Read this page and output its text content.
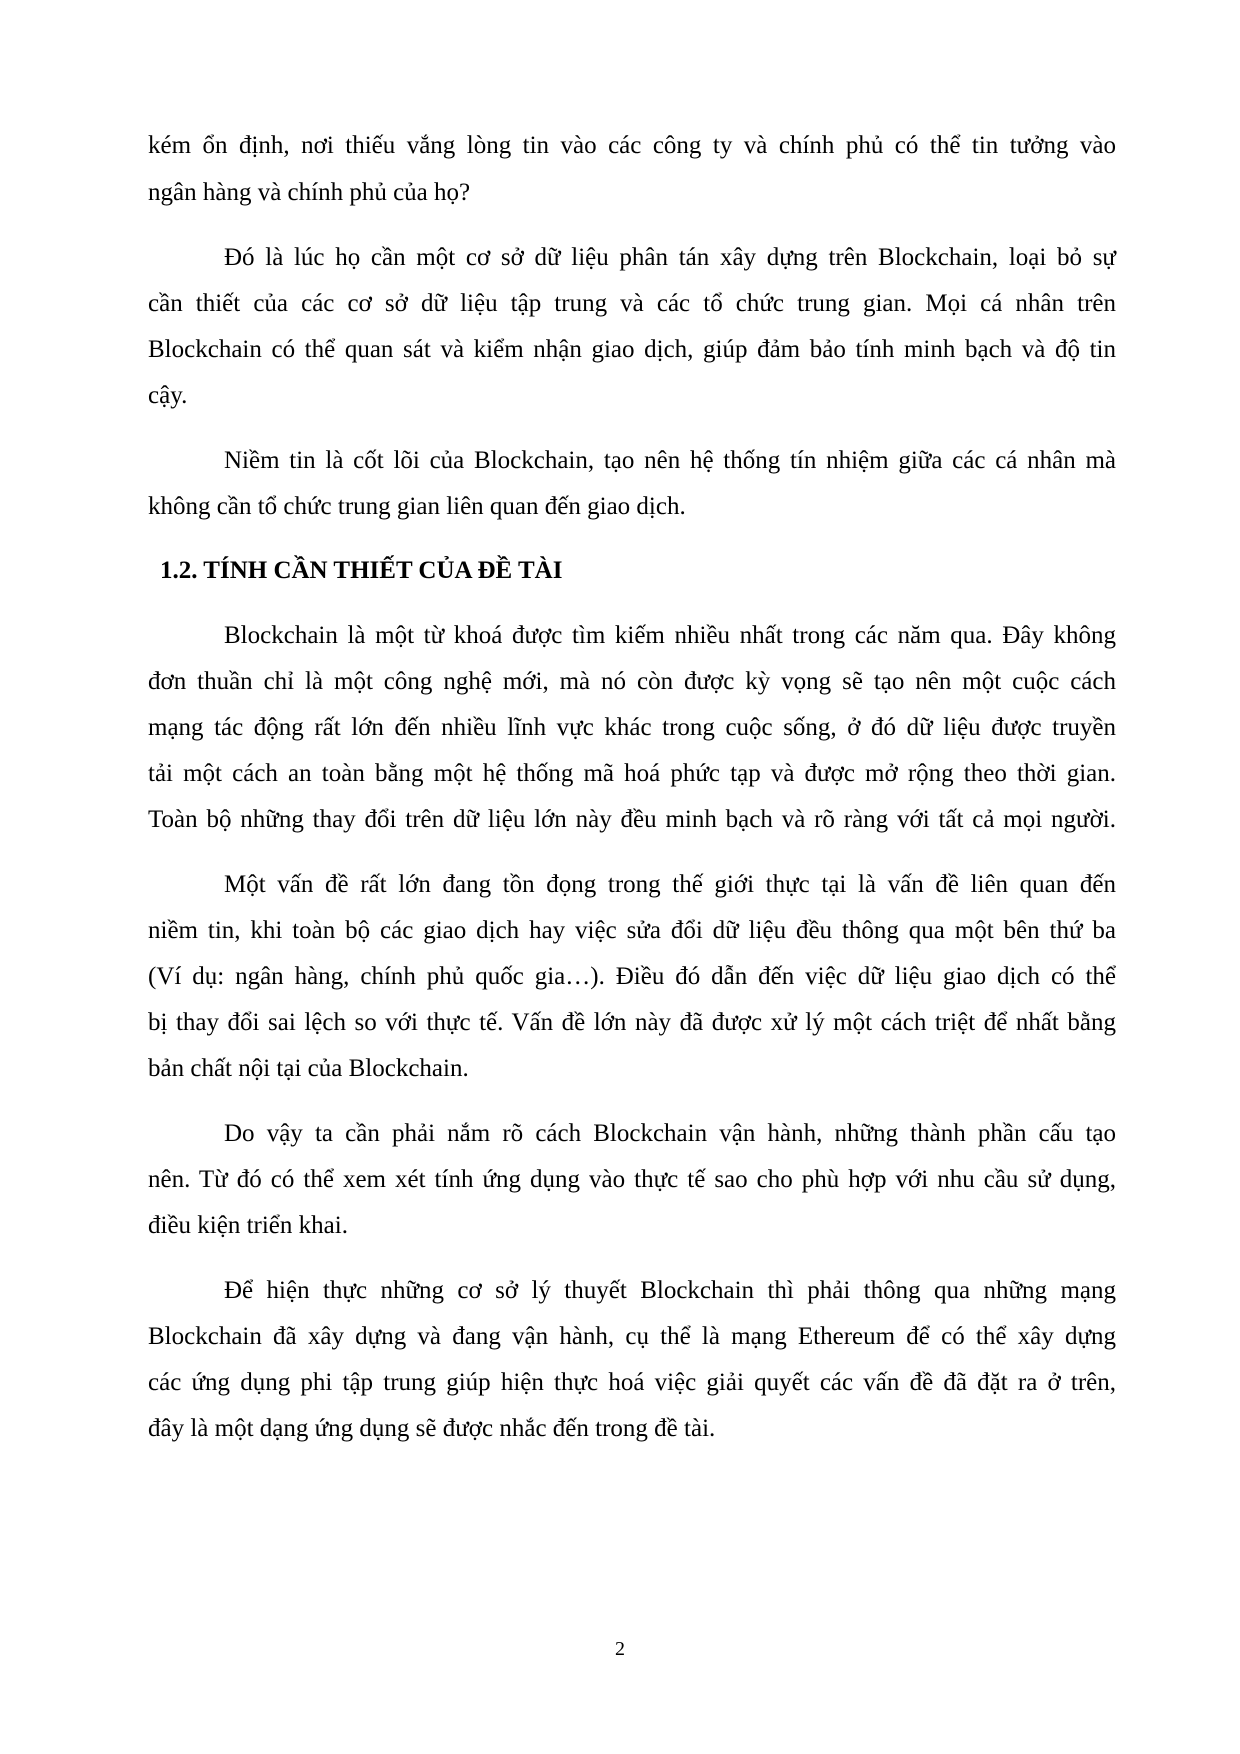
kém ổn định, nơi thiếu vắng lòng tin vào các công ty và chính phủ có thể tin tưởng vào
ngân hàng và chính phủ của họ?
Đó là lúc họ cần một cơ sở dữ liệu phân tán xây dựng trên Blockchain, loại bỏ sự
cần thiết của các cơ sở dữ liệu tập trung và các tổ chức trung gian. Mọi cá nhân trên
Blockchain có thể quan sát và kiểm nhận giao dịch, giúp đảm bảo tính minh bạch và độ tin
cậy.
Niềm tin là cốt lõi của Blockchain, tạo nên hệ thống tín nhiệm giữa các cá nhân mà
không cần tổ chức trung gian liên quan đến giao dịch.
1.2. TÍNH CẦN THIẾT CỦA ĐỀ TÀI
Blockchain là một từ khoá được tìm kiếm nhiều nhất trong các năm qua. Đây không
đơn thuần chỉ là một công nghệ mới, mà nó còn được kỳ vọng sẽ tạo nên một cuộc cách
mạng tác động rất lớn đến nhiều lĩnh vực khác trong cuộc sống, ở đó dữ liệu được truyền
tải một cách an toàn bằng một hệ thống mã hoá phức tạp và được mở rộng theo thời gian.
Toàn bộ những thay đổi trên dữ liệu lớn này đều minh bạch và rõ ràng với tất cả mọi người.
Một vấn đề rất lớn đang tồn đọng trong thế giới thực tại là vấn đề liên quan đến
niềm tin, khi toàn bộ các giao dịch hay việc sửa đổi dữ liệu đều thông qua một bên thứ ba
(Ví dụ: ngân hàng, chính phủ quốc gia…). Điều đó dẫn đến việc dữ liệu giao dịch có thể
bị thay đổi sai lệch so với thực tế. Vấn đề lớn này đã được xử lý một cách triệt để nhất bằng
bản chất nội tại của Blockchain.
Do vậy ta cần phải nắm rõ cách Blockchain vận hành, những thành phần cấu tạo
nên. Từ đó có thể xem xét tính ứng dụng vào thực tế sao cho phù hợp với nhu cầu sử dụng,
điều kiện triển khai.
Để hiện thực những cơ sở lý thuyết Blockchain thì phải thông qua những mạng
Blockchain đã xây dựng và đang vận hành, cụ thể là mạng Ethereum để có thể xây dựng
các ứng dụng phi tập trung giúp hiện thực hoá việc giải quyết các vấn đề đã đặt ra ở trên,
đây là một dạng ứng dụng sẽ được nhắc đến trong đề tài.
2
